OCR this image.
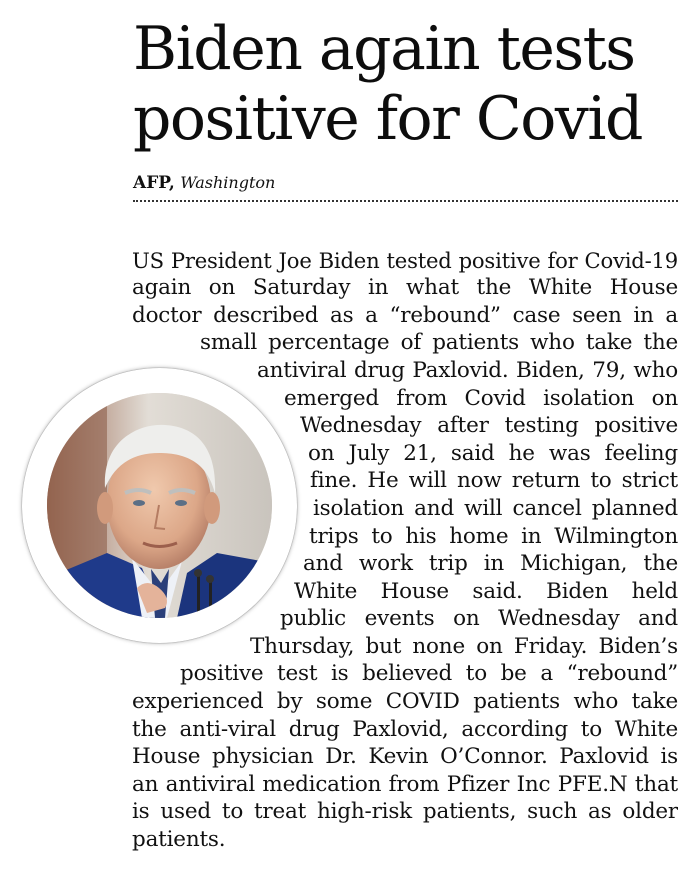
Biden again tests
positive for Covid
AFP, Washington
US President Joe Biden tested positive for Covid-19
again on Saturday in what the White House
doctor described as a “rebound” case seen in a
small percentage of patients who take the
antiviral drug Paxlovid. Biden, 79, who
emerged from Covid isolation on
Wednesday after testing positive
on July 21, said he was feeling
fine. He will now return to strict
isolation and will cancel planned
trips to his home in Wilmington
and work trip in Michigan, the
White House said. Biden held
public events on Wednesday and
Thursday, but none on Friday. Biden’s
positive test is believed to be a “rebound”
experienced by some COVID patients who take
the anti-viral drug Paxlovid, according to White
House physician Dr. Kevin O’Connor. Paxlovid is
an antiviral medication from Pfizer Inc PFE.N that
is used to treat high-risk patients, such as older
patients.
